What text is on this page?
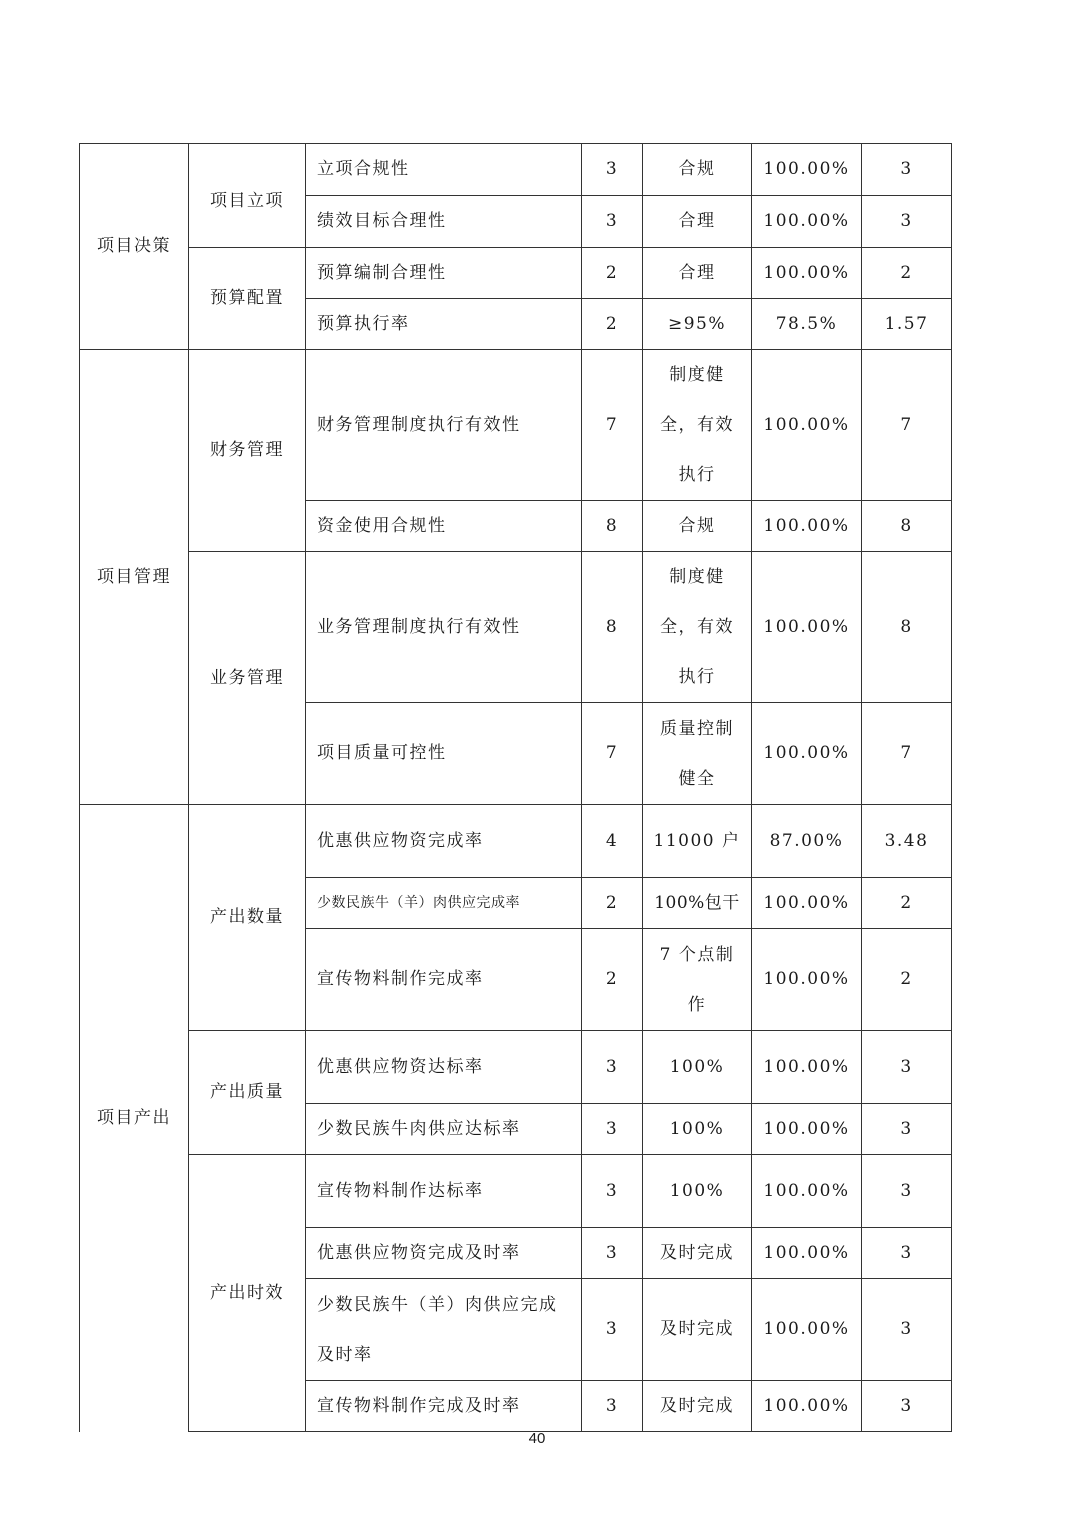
项目决策	项目立项	立项合规性	3	合规	100.00%	3
		绩效目标合理性	3	合理	100.00%	3
	预算配置	预算编制合理性	2	合理	100.00%	2
		预算执行率	2	≥95%	78.5%	1.57
项目管理	财务管理	财务管理制度执行有效性	7	制度健全，有效执行	100.00%	7
		资金使用合规性	8	合规	100.00%	8
	业务管理	业务管理制度执行有效性	8	制度健全，有效执行	100.00%	8
		项目质量可控性	7	质量控制健全	100.00%	7
项目产出	产出数量	优惠供应物资完成率	4	11000 户	87.00%	3.48
		少数民族牛（羊）肉供应完成率	2	100%包干	100.00%	2
		宣传物料制作完成率	2	7 个点制作	100.00%	2
	产出质量	优惠供应物资达标率	3	100%	100.00%	3
		少数民族牛肉供应达标率	3	100%	100.00%	3
	产出时效	宣传物料制作达标率	3	100%	100.00%	3
		优惠供应物资完成及时率	3	及时完成	100.00%	3
		少数民族牛（羊）肉供应完成及时率	3	及时完成	100.00%	3
		宣传物料制作完成及时率	3	及时完成	100.00%	3
40
